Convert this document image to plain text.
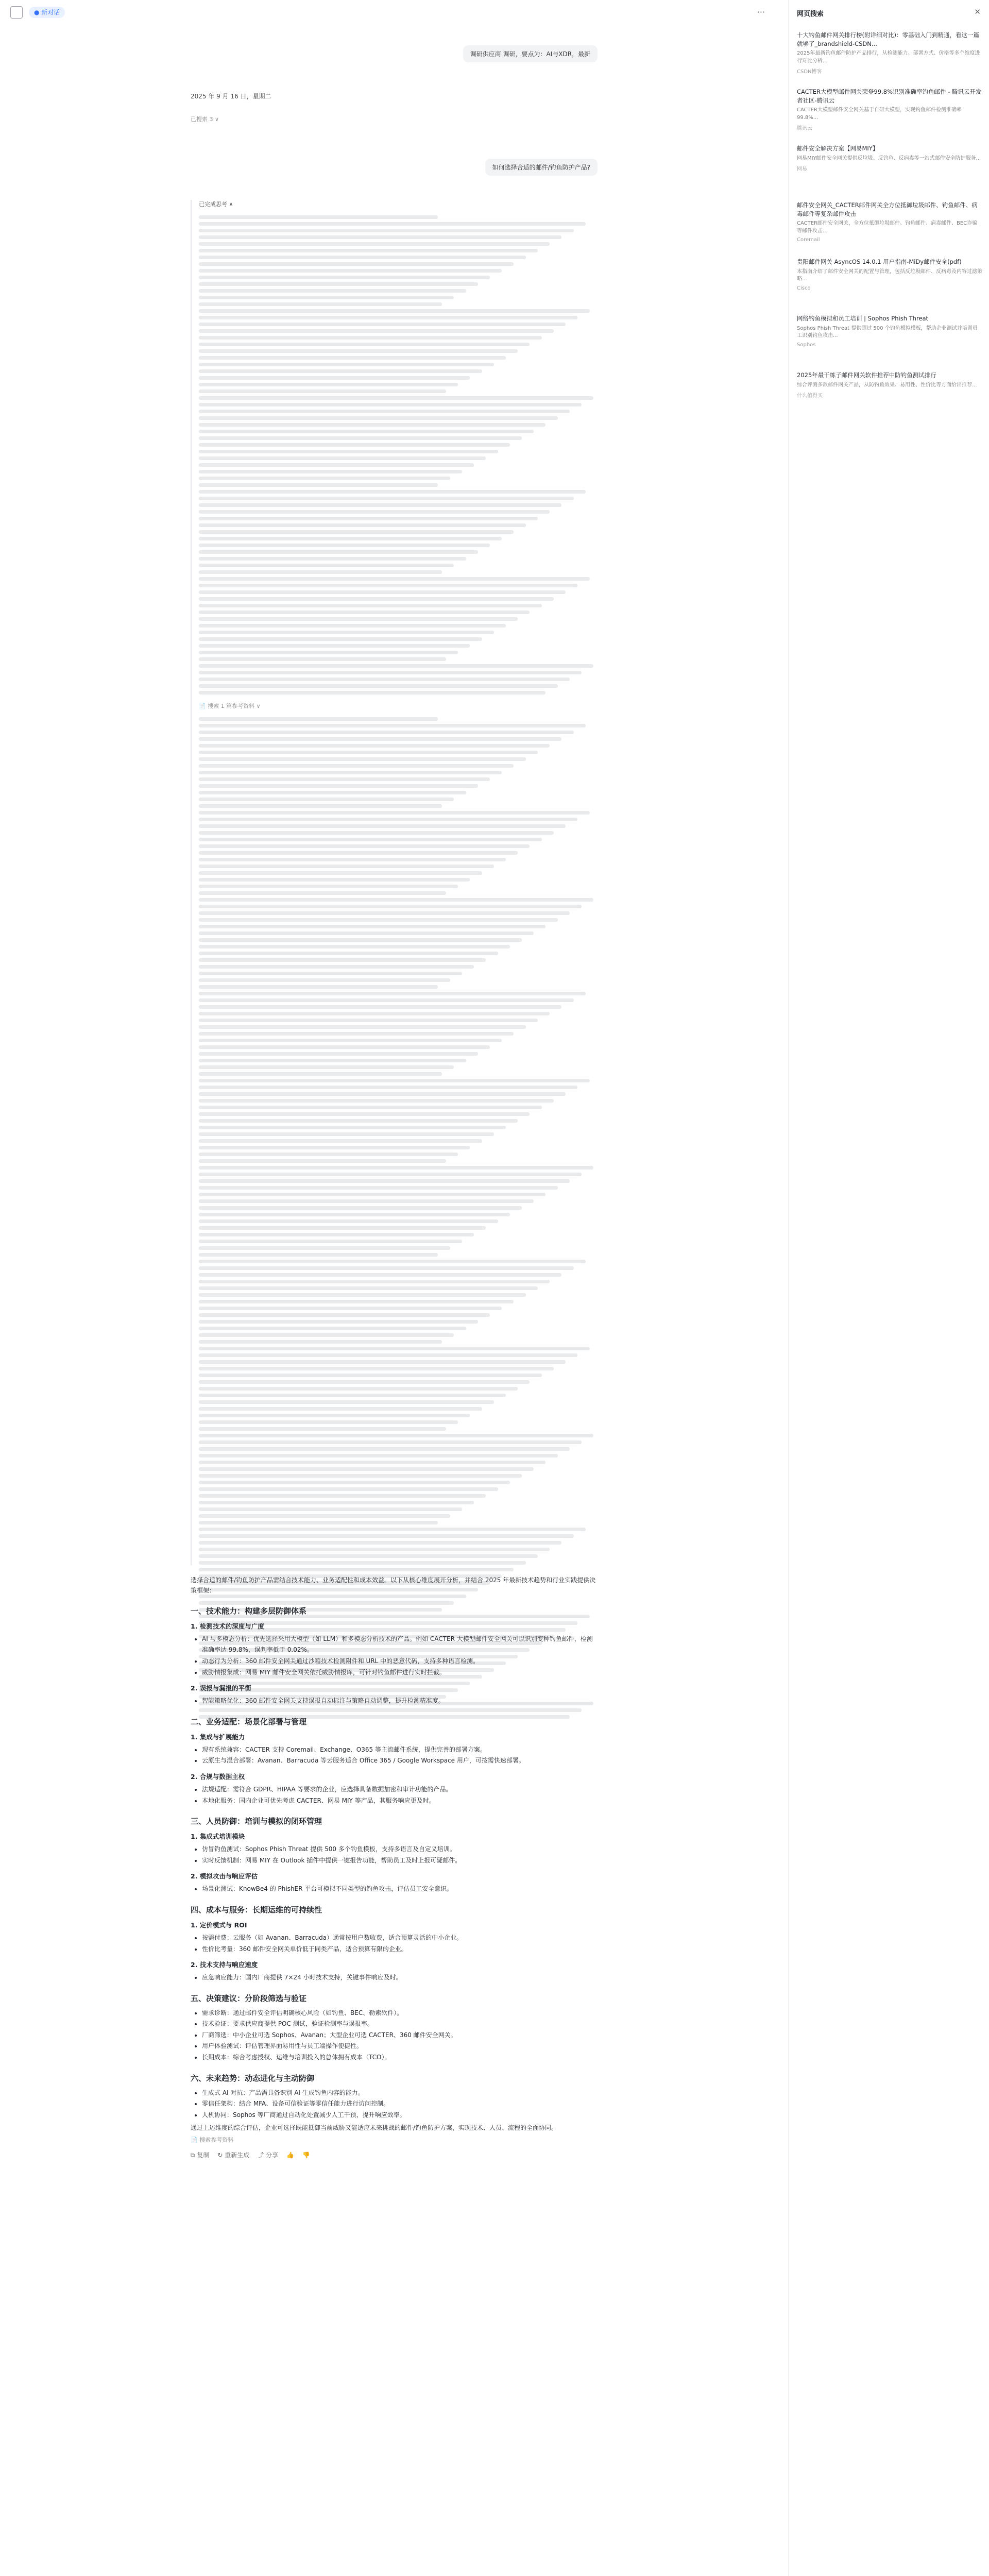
● 新对话	···
调研供应商 调研，要点为：AI与XDR，最新
2025 年 9 月 16 日，星期二
已搜索 3 ∨
如何选择合适的邮件/钓鱼防护产品?
已完成思考 ∧
📄 搜索 1 篇参考资料 ∨

选择合适的邮件/钓鱼防护产品需结合技术能力、业务适配性和成本效益。以下从核心维度展开分析，并结合 2025 年最新技术趋势和行业实践提供决策框架：

一、技术能力：构建多层防御体系
1. 检测技术的深度与广度
• AI 与多模态分析：优先选择采用大模型（如 LLM）和多模态分析技术的产品。例如 CACTER 大模型邮件安全网关可以识别变种钓鱼邮件，检测准确率达 99.8%，误判率低于 0.02%。
• 动态行为分析：360 邮件安全网关通过沙箱技术检测附件和 URL 中的恶意代码，支持多种语言检测。
• 威胁情报集成：网易 MIY 邮件安全网关依托威胁情报库，可针对钓鱼邮件进行实时拦截。
2. 误报与漏报的平衡
• 智能策略优化：360 邮件安全网关支持误报自动标注与策略自动调整，提升检测精准度。
二、业务适配：场景化部署与管理
1. 集成与扩展能力
• 现有系统兼容：CACTER 支持 Coremail、Exchange、O365 等主流邮件系统，提供完善的部署方案。
• 云原生与混合部署：Avanan、Barracuda 等云服务适合 Office 365 / Google Workspace 用户，可按需快速部署。
2. 合规与数据主权
• 法规适配：需符合 GDPR、HIPAA 等要求的企业，应选择具备数据加密和审计功能的产品。
• 本地化服务：国内企业可优先考虑 CACTER、网易 MIY 等产品，其服务响应更及时。
三、人员防御：培训与模拟的闭环管理
1. 集成式培训模块
• 仿冒钓鱼测试：Sophos Phish Threat 提供 500 多个钓鱼模板，支持多语言及自定义培训。
• 实时反馈机制：网易 MIY 在 Outlook 插件中提供一键报告功能，帮助员工及时上报可疑邮件。
2. 模拟攻击与响应评估
• 场景化测试：KnowBe4 的 PhishER 平台可模拟不同类型的钓鱼攻击，评估员工安全意识。
四、成本与服务：长期运维的可持续性
1. 定价模式与 ROI
• 按需付费：云服务（如 Avanan、Barracuda）通常按用户数收费，适合预算灵活的中小企业。
• 性价比考量：360 邮件安全网关单价低于同类产品，适合预算有限的企业。
2. 技术支持与响应速度
• 应急响应能力：国内厂商提供 7×24 小时技术支持，关键事件响应及时。
五、决策建议：分阶段筛选与验证
• 需求诊断：通过邮件安全评估明确核心风险（如钓鱼、BEC、勒索软件）。
• 技术验证：要求供应商提供 POC 测试，验证检测率与误报率。
• 厂商筛选：中小企业可选 Sophos、Avanan；大型企业可选 CACTER、360 邮件安全网关。
• 用户体验测试：评估管理界面易用性与员工端操作便捷性。
• 长期成本：综合考虑授权、运维与培训投入的总体拥有成本（TCO）。
六、未来趋势：动态进化与主动防御
• 生成式 AI 对抗：产品需具备识别 AI 生成钓鱼内容的能力。
• 零信任架构：结合 MFA、设备可信验证等零信任能力进行访问控制。
• 人机协同：Sophos 等厂商通过自动化处置减少人工干预，提升响应效率。

通过上述维度的综合评估，企业可选择既能抵御当前威胁又能适应未来挑战的邮件/钓鱼防护方案，实现技术、人员、流程的全面协同。

📄 搜索参考资料

⧉ 复制 ↻ 重新生成 ⤴ 分享 👍 👎
网页搜索	✕
十大钓鱼邮件网关排行榜(附详细对比)：零基础入门到精通，看这一篇就够了_brandshield-CSDN...
2025年最新钓鱼邮件防护产品排行，从检测能力、部署方式、价格等多个维度进行对比分析...
CSDN博客
CACTER大模型邮件网关荣登99.8%识别准确率钓鱼邮件 - 腾讯云开发者社区-腾讯云
CACTER大模型邮件安全网关基于自研大模型，实现钓鱼邮件检测准确率99.8%...
腾讯云
邮件安全解决方案【网易MIY】
网易MIY邮件安全网关提供反垃圾、反钓鱼、反病毒等一站式邮件安全防护服务...
网易
邮件安全网关_CACTER邮件网关全方位抵御垃圾邮件、钓鱼邮件、病毒邮件等复杂邮件攻击
CACTER邮件安全网关，全方位抵御垃圾邮件、钓鱼邮件、病毒邮件、BEC诈骗等邮件攻击...
Coremail
贵阳邮件网关 AsyncOS 14.0.1 用户指南-MiDy邮件安全(pdf)
本指南介绍了邮件安全网关的配置与管理，包括反垃圾邮件、反病毒及内容过滤策略...
Cisco
网络钓鱼模拟和员工培训 | Sophos Phish Threat
Sophos Phish Threat 提供超过 500 个钓鱼模拟模板，帮助企业测试并培训员工识别钓鱼攻击...
Sophos
2025年最干练子邮件网关软件推荐中防钓鱼测试排行
综合评测多款邮件网关产品，从防钓鱼效果、易用性、性价比等方面给出推荐...
什么值得买
